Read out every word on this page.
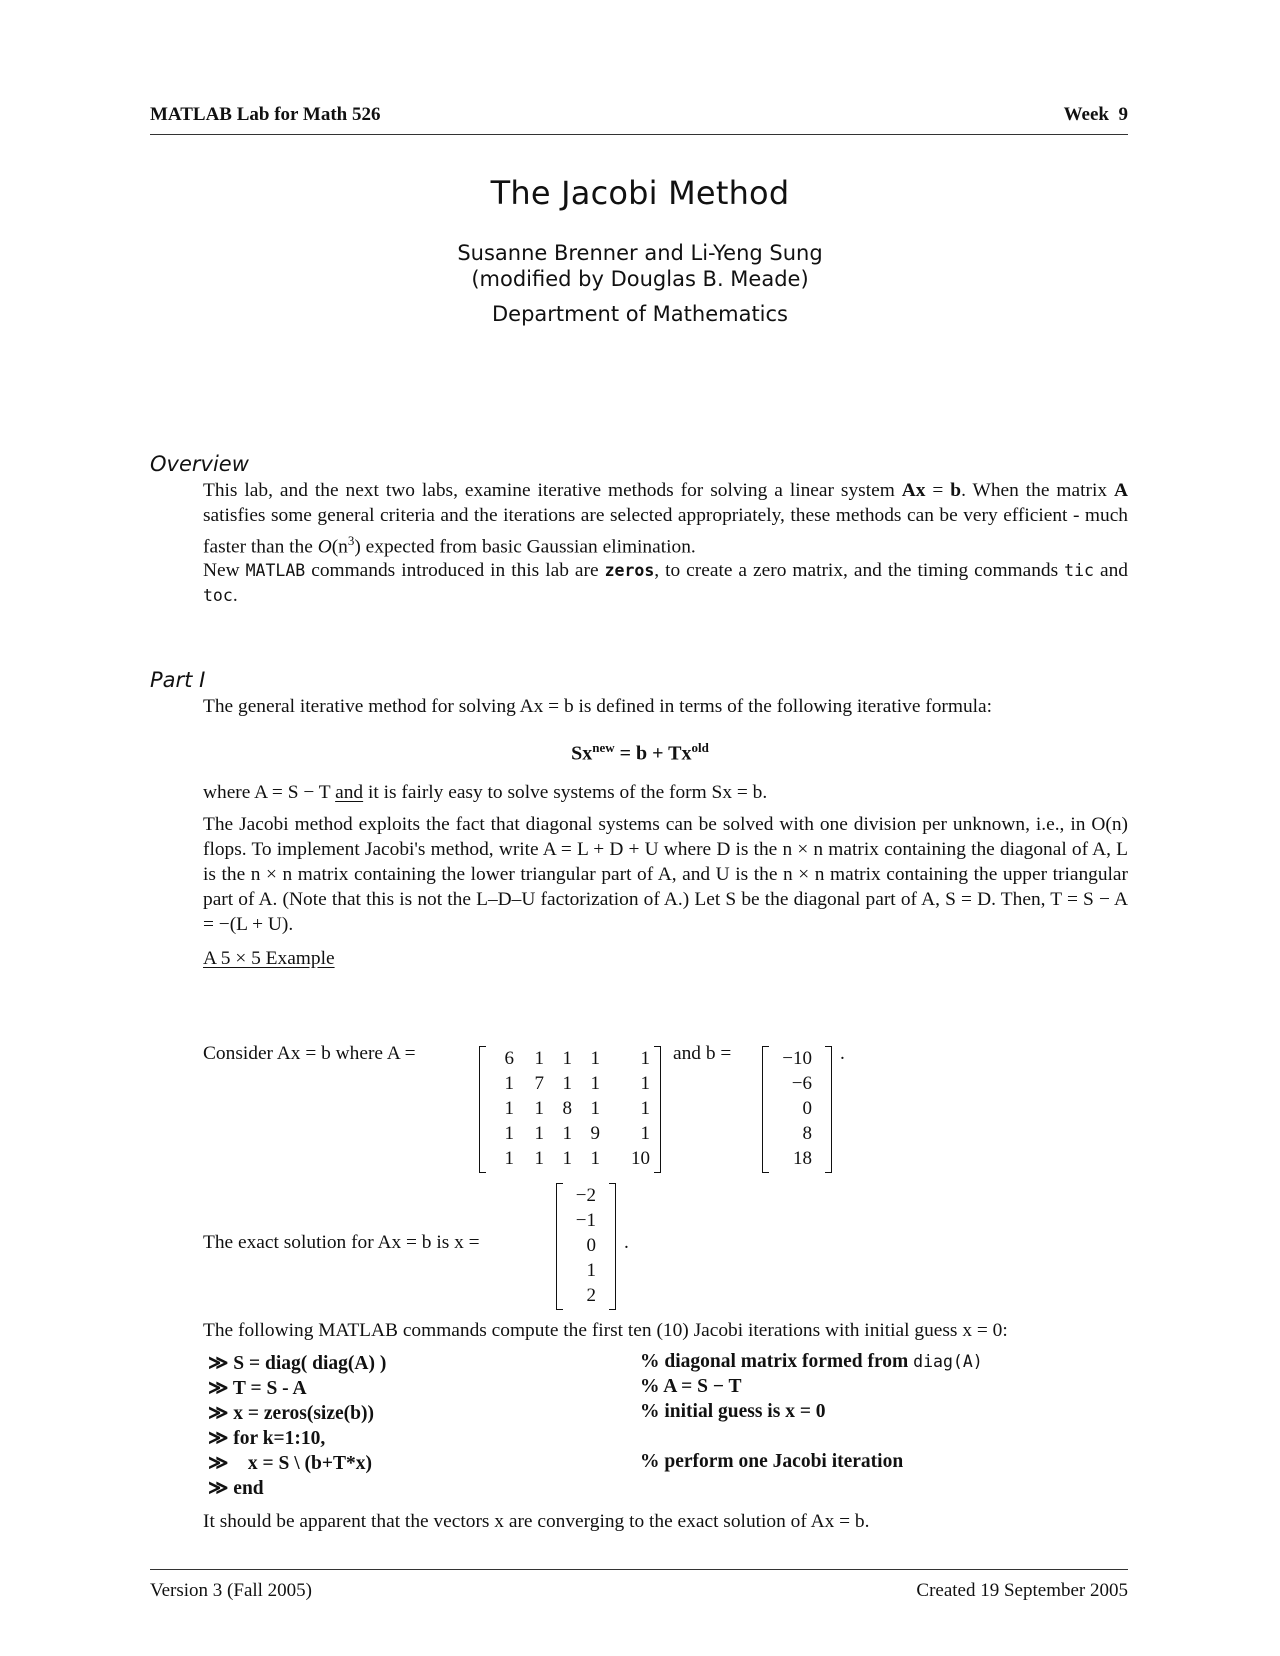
MATLAB Lab for Math 526	Week  9
The Jacobi Method
Susanne Brenner and Li-Yeng Sung
(modified by Douglas B. Meade)
Department of Mathematics
Overview
This lab, and the next two labs, examine iterative methods for solving a linear system Ax = b. When the matrix A satisfies some general criteria and the iterations are selected appropriately, these methods can be very efficient - much faster than the $O(n^3)$ expected from basic Gaussian elimination.
New MATLAB commands introduced in this lab are zeros, to create a zero matrix, and the timing commands tic and toc.
Part I
The general iterative method for solving Ax = b is defined in terms of the following iterative formula:
$Sx^{new} = b + Tx^{old}$
where A = S − T and it is fairly easy to solve systems of the form Sx = b.
The Jacobi method exploits the fact that diagonal systems can be solved with one division per unknown, i.e., in O(n) flops. To implement Jacobi's method, write A = L + D + U where D is the n × n matrix containing the diagonal of A, L is the n × n matrix containing the lower triangular part of A, and U is the n × n matrix containing the upper triangular part of A. (Note that this is not the L–D–U factorization of A.) Let S be the diagonal part of A, S = D. Then, T = S − A = −(L + U).
A 5 × 5 Example
Consider Ax = b where A =	6 1 1 1 1
1 7 1 1 1
1 1 8 1 1
1 1 1 9 1
1 1 1 1 10
and b =	−10
−6
0
8
18
.
The exact solution for Ax = b is x =
−2
−1
0
1
2
.
The following MATLAB commands compute the first ten (10) Jacobi iterations with initial guess x = 0:
≫ S = diag( diag(A) )	% diagonal matrix formed from diag(A)
≫ T = S - A	% A = S − T
≫ x = zeros(size(b))	% initial guess is x = 0
≫ for k=1:10,
≫    x = S \ (b+T*x)	% perform one Jacobi iteration
≫ end
It should be apparent that the vectors x are converging to the exact solution of Ax = b.
Version 3 (Fall 2005)	Created 19 September 2005
